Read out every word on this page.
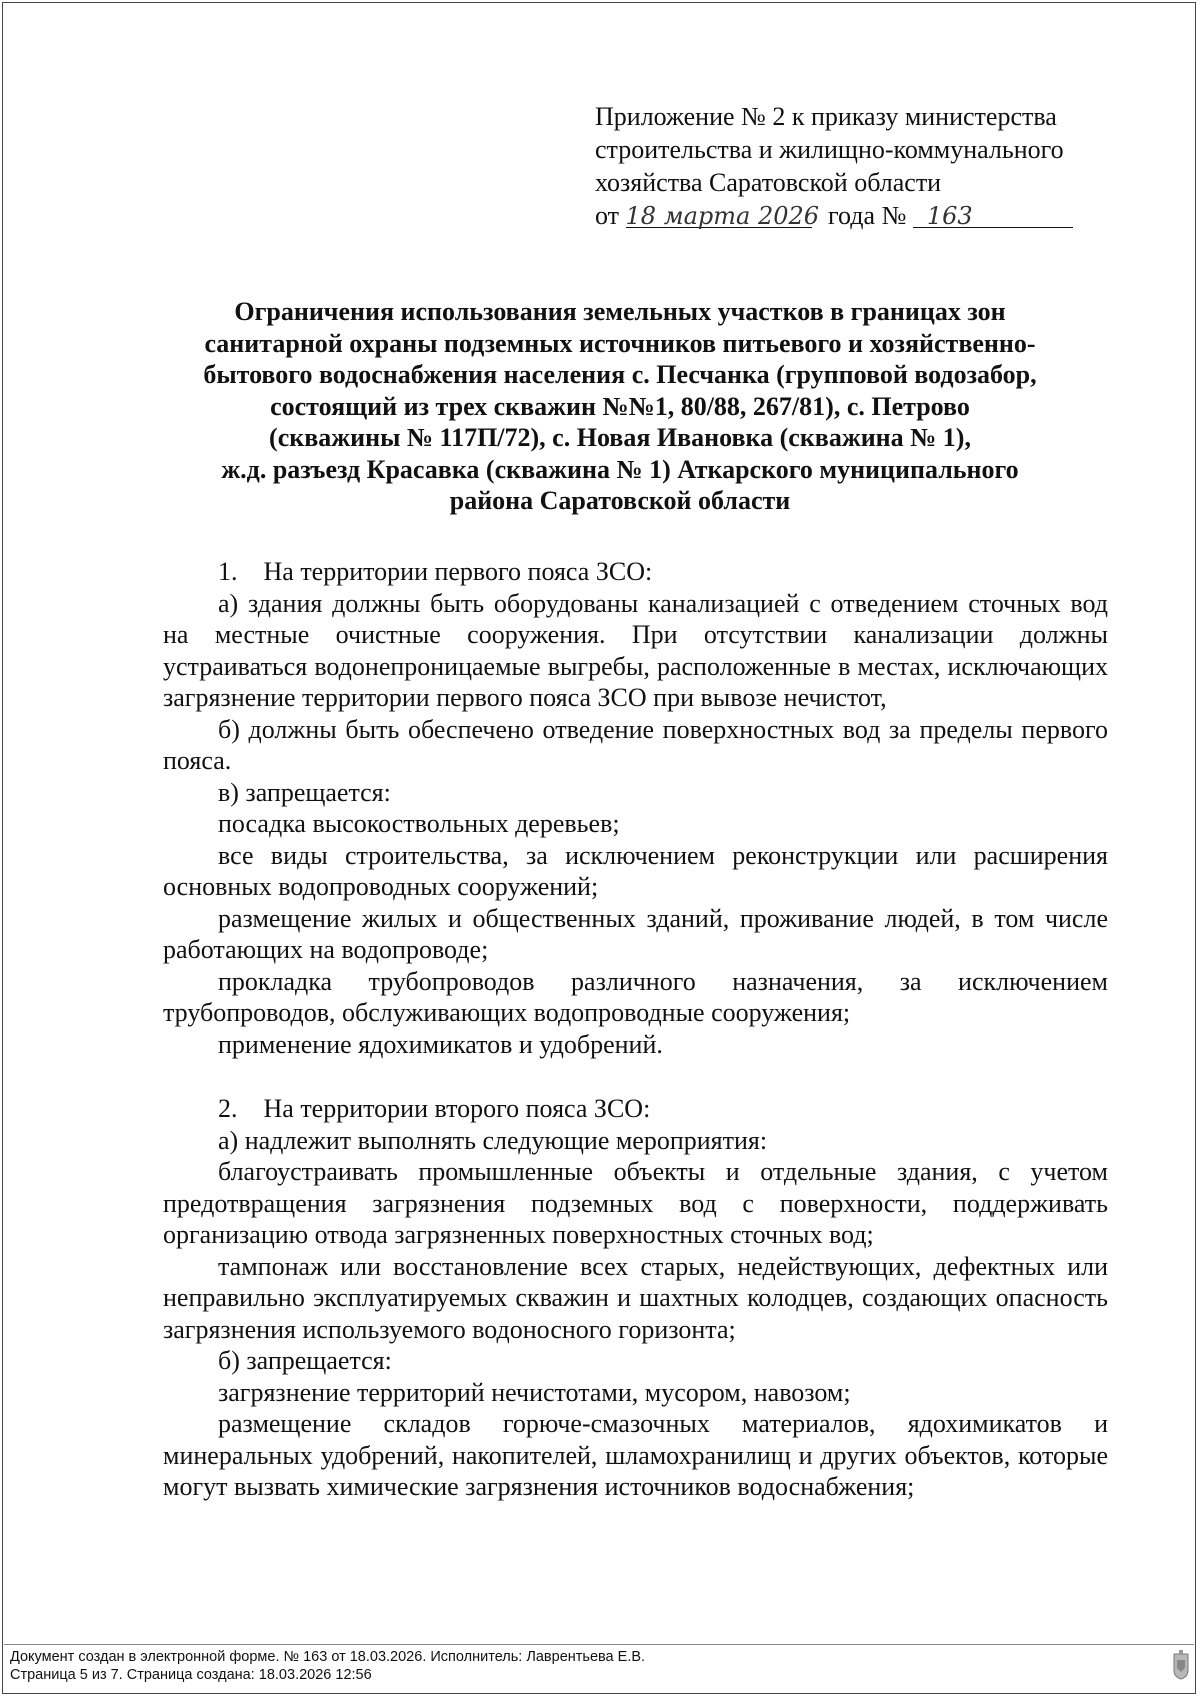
Приложение № 2 к приказу министерства
строительства и жилищно-коммунального
хозяйства Саратовской области
от 18 марта 2026 года № 163
Ограничения использования земельных участков в границах зон
санитарной охраны подземных источников питьевого и хозяйственно-
бытового водоснабжения населения с. Песчанка (групповой водозабор,
состоящий из трех скважин №№1, 80/88, 267/81), с. Петрово
(скважины № 117П/72), с. Новая Ивановка (скважина № 1),
ж.д. разъезд Красавка (скважина № 1) Аткарского муниципального
района Саратовской области

1. На территории первого пояса ЗСО:

а) здания должны быть оборудованы канализацией с отведением сточных вод на местные очистные сооружения. При отсутствии канализации должны устраиваться водонепроницаемые выгребы, расположенные в местах, исключающих загрязнение территории первого пояса ЗСО при вывозе нечистот,

б) должны быть обеспечено отведение поверхностных вод за пределы первого пояса.

в) запрещается:

посадка высокоствольных деревьев;

все виды строительства, за исключением реконструкции или расширения основных водопроводных сооружений;

размещение жилых и общественных зданий, проживание людей, в том числе работающих на водопроводе;

прокладка трубопроводов различного назначения, за исключением трубопроводов, обслуживающих водопроводные сооружения;

применение ядохимикатов и удобрений.

2. На территории второго пояса ЗСО:

а) надлежит выполнять следующие мероприятия:

благоустраивать промышленные объекты и отдельные здания, с учетом предотвращения загрязнения подземных вод с поверхности, поддерживать организацию отвода загрязненных поверхностных сточных вод;

тампонаж или восстановление всех старых, недействующих, дефектных или неправильно эксплуатируемых скважин и шахтных колодцев, создающих опасность загрязнения используемого водоносного горизонта;

б) запрещается:

загрязнение территорий нечистотами, мусором, навозом;

размещение складов горюче-смазочных материалов, ядохимикатов и минеральных удобрений, накопителей, шламохранилищ и других объектов, которые могут вызвать химические загрязнения источников водоснабжения;

Документ создан в электронной форме. № 163 от 18.03.2026. Исполнитель: Лаврентьева Е.В.
Страница 5 из 7. Страница создана: 18.03.2026 12:56
